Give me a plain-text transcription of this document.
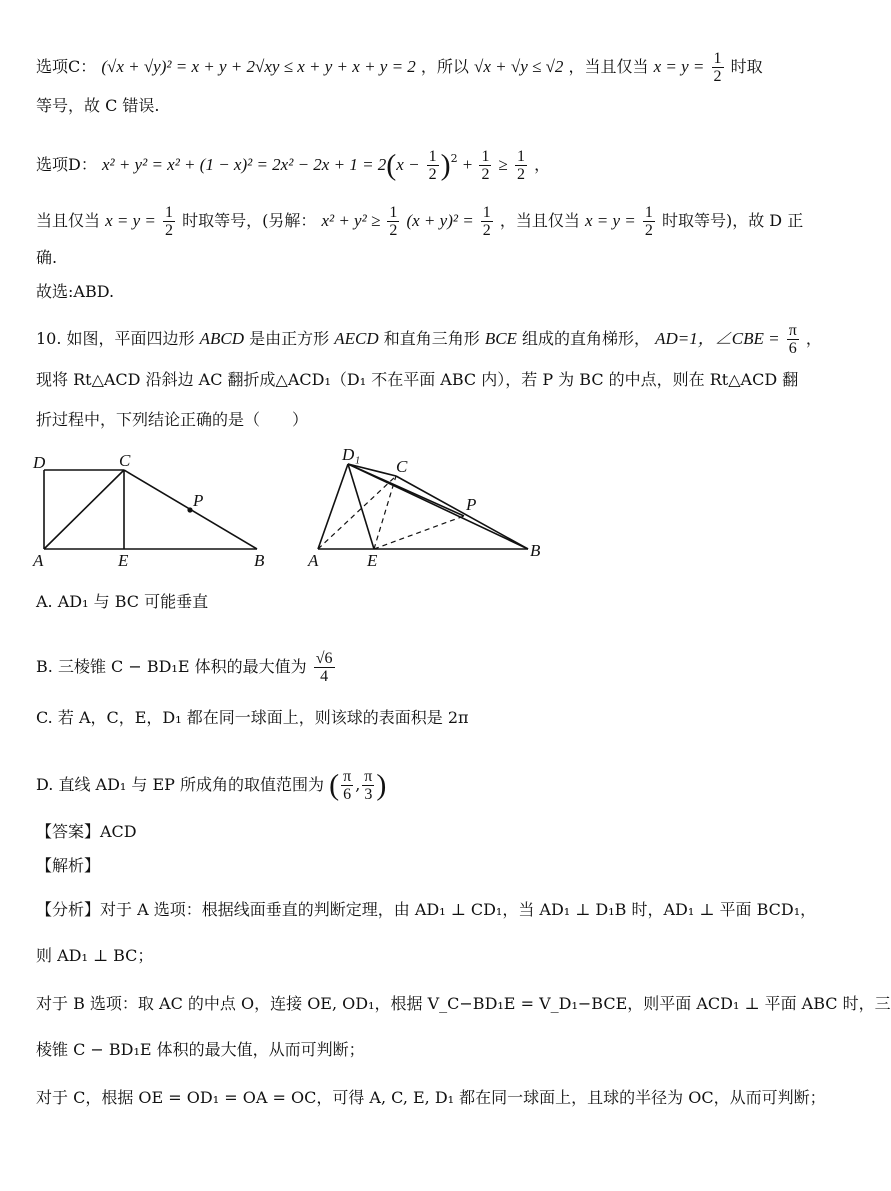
选项C： (√x + √y)² = x + y + 2√xy ≤ x + y + x + y = 2 ，所以 √x + √y ≤ √2 ，当且仅当 $x = y = \frac{1}{2}$ 时取
等号，故 C 错误.
选项D： $x^2 + y^2 = x^2 + (1 - x)^2 = 2x^2 - 2x + 1 = 2(x - \frac{1}{2} )^2 + \frac{1}{2} \ge \frac{1}{2}$ ，
当且仅当 $x = y = \frac{1}{2}$ 时取等号，(另解： $x^2 + y^2 \ge \frac{1}{2} (x + y)^2 = \frac{1}{2}$ ，当且仅当 $x = y = \frac{1}{2}$ 时取等号)，故 D 正
确.
故选:ABD.
10. 如图，平面四边形 ABCD 是由正方形 AECD 和直角三角形 BCE 组成的直角梯形， AD=1，∠CBE = $\frac{\pi}{6}$ ，
现将 Rt△ACD 沿斜边 AC 翻折成△ACD₁（D₁ 不在平面 ABC 内），若 P 为 BC 的中点，则在 Rt△ACD 翻
折过程中，下列结论正确的是（　　）
D	C
P
A	E	B
D₁
C
P
A	E
B
A. AD₁ 与 BC 可能垂直
B. 三棱锥 C − BD₁E 体积的最大值为 $\frac{√6}{4}$
C. 若 A，C，E，D₁ 都在同一球面上，则该球的表面积是 2π
D. 直线 AD₁ 与 EP 所成角的取值范围为 ( $\frac{\pi}{6}$ , $\frac{\pi}{3}$ )
【答案】ACD
【解析】
【分析】对于 A 选项：根据线面垂直的判断定理，由 AD₁ ⊥ CD₁，当 AD₁ ⊥ D₁B 时，AD₁ ⊥ 平面 BCD₁，
则 AD₁ ⊥ BC；
对于 B 选项：取 AC 的中点 O，连接 OE, OD₁，根据 V_C−BD₁E = V_D₁−BCE，则平面 ACD₁ ⊥ 平面 ABC 时，三
棱锥 C − BD₁E 体积的最大值，从而可判断；
对于 C，根据 OE = OD₁ = OA = OC，可得 A, C, E, D₁ 都在同一球面上，且球的半径为 OC，从而可判断；
